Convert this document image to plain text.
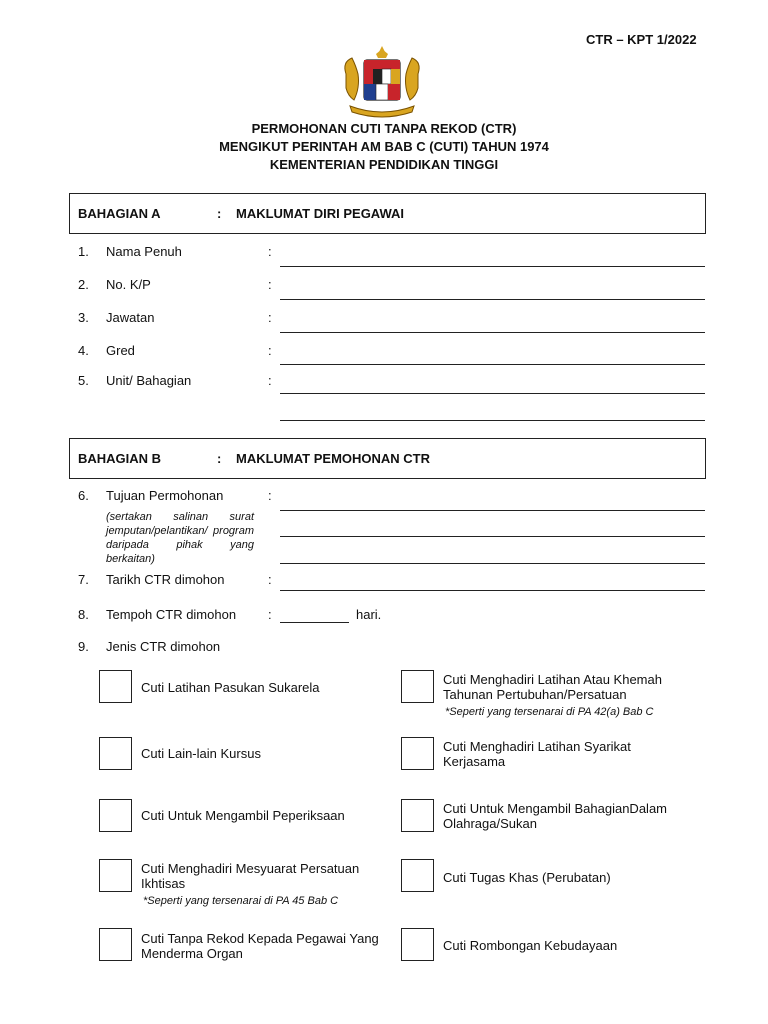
CTR – KPT 1/2022
PERMOHONAN CUTI TANPA REKOD (CTR)
MENGIKUT PERINTAH AM BAB C (CUTI) TAHUN 1974
KEMENTERIAN PENDIDIKAN TINGGI
BAHAGIAN A	: MAKLUMAT DIRI PEGAWAI
1. Nama Penuh	:
2. No. K/P	:
3. Jawatan	:
4. Gred	:
5. Unit/ Bahagian	:
BAHAGIAN B	: MAKLUMAT PEMOHONAN CTR
6. Tujuan Permohonan	:
(sertakan salinan surat jemputan/pelantikan/ program daripada pihak yang berkaitan)
7. Tarikh CTR dimohon	:
8. Tempoh CTR dimohon :	hari.
9. Jenis CTR dimohon
Cuti Latihan Pasukan Sukarela
Cuti Lain-lain Kursus
Cuti Untuk Mengambil Peperiksaan
Cuti Menghadiri Mesyuarat Persatuan Ikhtisas
*Seperti yang tersenarai di PA 45 Bab C
Cuti Tanpa Rekod Kepada Pegawai Yang Menderma Organ
Cuti Menghadiri Latihan Atau Khemah Tahunan Pertubuhan/Persatuan
*Seperti yang tersenarai di PA 42(a) Bab C
Cuti Menghadiri Latihan Syarikat Kerjasama
Cuti Untuk Mengambil BahagianDalam Olahraga/Sukan
Cuti Tugas Khas (Perubatan)
Cuti Rombongan Kebudayaan
